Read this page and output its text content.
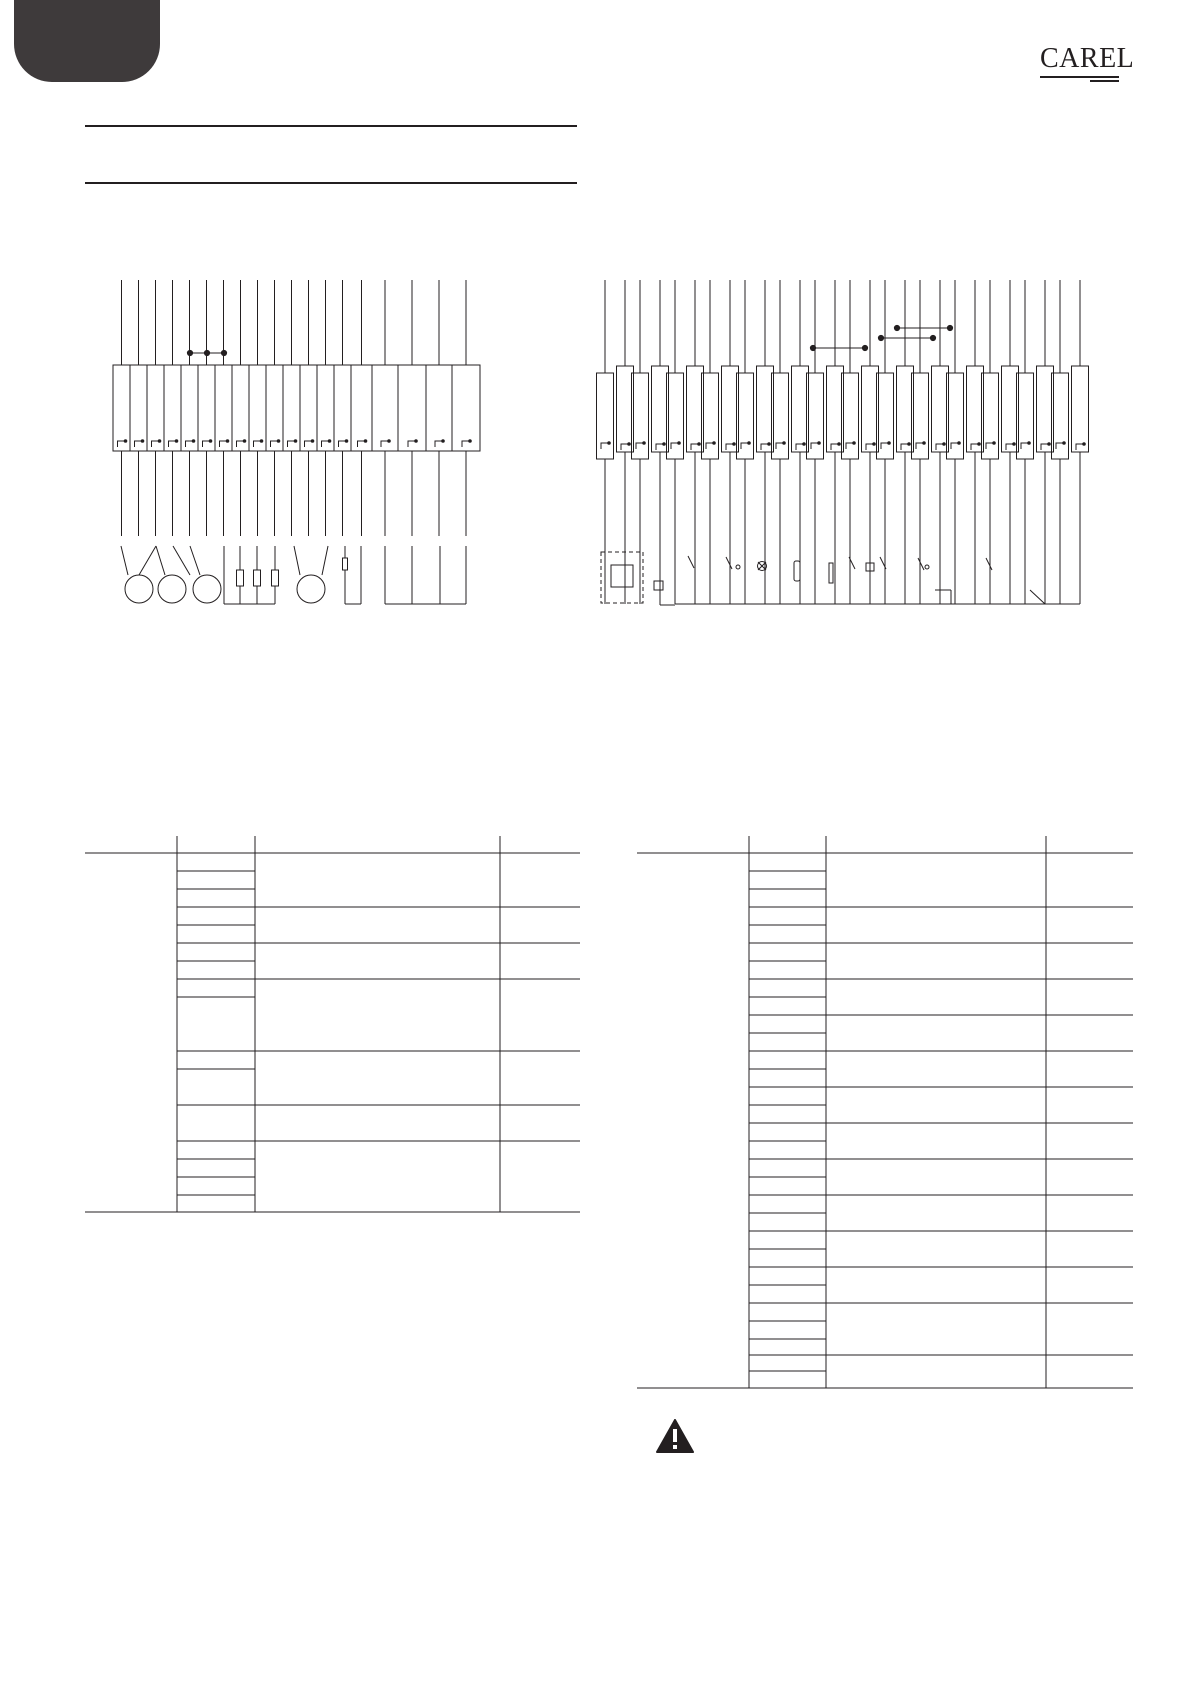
CAREL
